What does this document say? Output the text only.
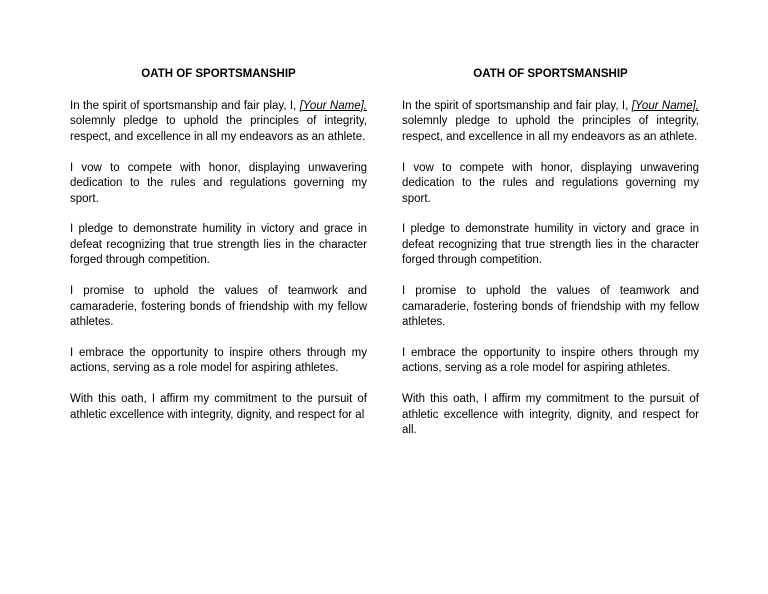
OATH OF SPORTSMANSHIP

In the spirit of sportsmanship and fair play, I, [Your Name], solemnly pledge to uphold the principles of integrity, respect, and excellence in all my endeavors as an athlete.

I vow to compete with honor, displaying unwavering dedication to the rules and regulations governing my sport.

I pledge to demonstrate humility in victory and grace in defeat recognizing that true strength lies in the character forged through competition.

I promise to uphold the values of teamwork and camaraderie, fostering bonds of friendship with my fellow athletes.

I embrace the opportunity to inspire others through my actions, serving as a role model for aspiring athletes.

With this oath, I affirm my commitment to the pursuit of athletic excellence with integrity, dignity, and respect for al

OATH OF SPORTSMANSHIP

In the spirit of sportsmanship and fair play, I, [Your Name], solemnly pledge to uphold the principles of integrity, respect, and excellence in all my endeavors as an athlete.

I vow to compete with honor, displaying unwavering dedication to the rules and regulations governing my sport.

I pledge to demonstrate humility in victory and grace in defeat recognizing that true strength lies in the character forged through competition.

I promise to uphold the values of teamwork and camaraderie, fostering bonds of friendship with my fellow athletes.

I embrace the opportunity to inspire others through my actions, serving as a role model for aspiring athletes.

With this oath, I affirm my commitment to the pursuit of athletic excellence with integrity, dignity, and respect for all.
